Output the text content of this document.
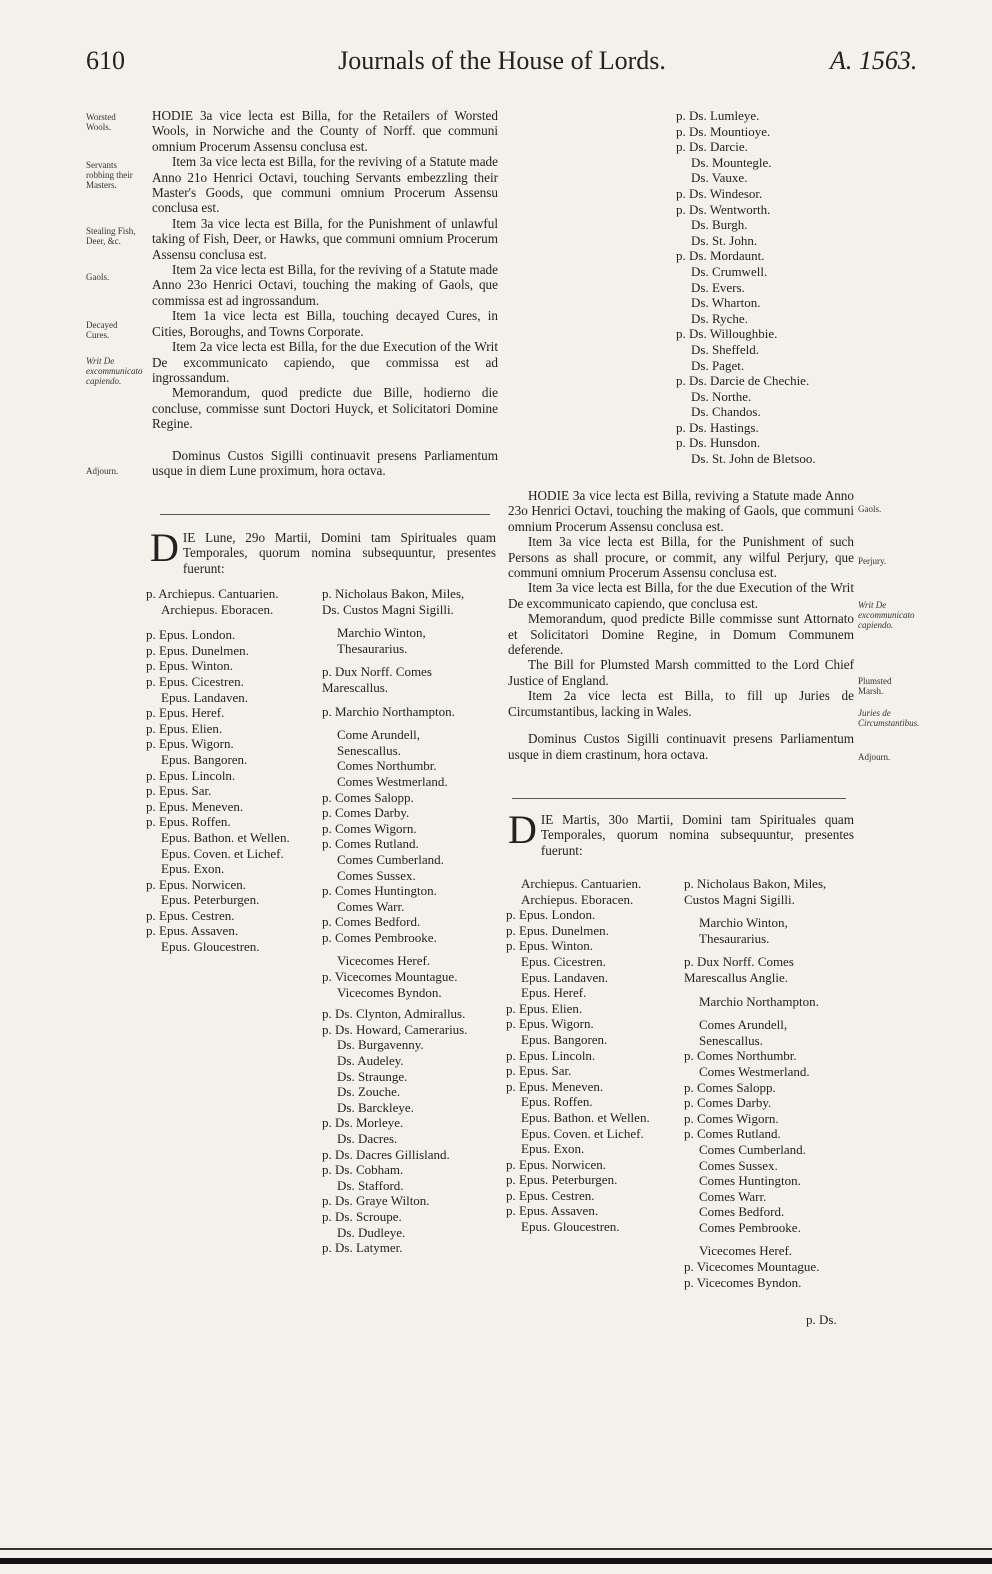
610	Journals of the House of Lords.	A. 1563.
Worsted Wools.
Servants robbing their Masters.
Stealing Fish, Deer, &c.
Gaols.
Decayed Cures.
Writ De excommunicato capiendo.
Adjourn.

HODIE 3a vice lecta est Billa, for the Retailers of Worsted Wools, in Norwiche and the County of Norff. que communi omnium Procerum Assensu conclusa est.

Item 3a vice lecta est Billa, for the reviving of a Statute made Anno 21o Henrici Octavi, touching Servants embezzling their Master's Goods, que communi omnium Procerum Assensu conclusa est.

Item 3a vice lecta est Billa, for the Punishment of unlawful taking of Fish, Deer, or Hawks, que communi omnium Procerum Assensu conclusa est.

Item 2a vice lecta est Billa, for the reviving of a Statute made Anno 23o Henrici Octavi, touching the making of Gaols, que commissa est ad ingrossandum.

Item 1a vice lecta est Billa, touching decayed Cures, in Cities, Boroughs, and Towns Corporate.

Item 2a vice lecta est Billa, for the due Execution of the Writ De excommunicato capiendo, que commissa est ad ingrossandum.

Memorandum, quod predicte due Bille, hodierno die concluse, commisse sunt Doctori Huyck, et Solicitatori Domine Regine.

Dominus Custos Sigilli continuavit presens Parliamentum usque in diem Lune proximum, hora octava.

D IE Lune, 29o Martii, Domini tam Spirituales quam Temporales, quorum nomina subsequuntur, presentes fuerunt:

p. Archiepus. Cantuarien.
Archiepus. Eboracen.
p. Epus. London.
p. Epus. Dunelmen.
p. Epus. Winton.
p. Epus. Cicestren.
Epus. Landaven.
p. Epus. Heref.
p. Epus. Elien.
p. Epus. Wigorn.
Epus. Bangoren.
p. Epus. Lincoln.
p. Epus. Sar.
p. Epus. Meneven.
p. Epus. Roffen.
Epus. Bathon. et Wellen.
Epus. Coven. et Lichef.
Epus. Exon.
p. Epus. Norwicen.
Epus. Peterburgen.
p. Epus. Cestren.
p. Epus. Assaven.
Epus. Gloucestren.
p. Nicholaus Bakon, Miles, Ds. Custos Magni Sigilli.
Marchio Winton, Thesaurarius.
p. Dux Norff. Comes Marescallus.
p. Marchio Northampton.
Come Arundell, Senescallus.
Comes Northumbr.
Comes Westmerland.
p. Comes Salopp.
p. Comes Darby.
p. Comes Wigorn.
p. Comes Rutland.
Comes Cumberland.
Comes Sussex.
p. Comes Huntington.
Comes Warr.
p. Comes Bedford.
p. Comes Pembrooke.
Vicecomes Heref.
p. Vicecomes Mountague.
Vicecomes Byndon.
p. Ds. Clynton, Admirallus.
p. Ds. Howard, Camerarius.
Ds. Burgavenny.
Ds. Audeley.
Ds. Straunge.
Ds. Zouche.
Ds. Barckleye.
p. Ds. Morleye.
Ds. Dacres.
p. Ds. Dacres Gillisland.
p. Ds. Cobham.
Ds. Stafford.
p. Ds. Graye Wilton.
p. Ds. Scroupe.
Ds. Dudleye.
p. Ds. Latymer.
p. Ds. Lumleye.
p. Ds. Mountioye.
p. Ds. Darcie.
Ds. Mountegle.
Ds. Vauxe.
p. Ds. Windesor.
p. Ds. Wentworth.
Ds. Burgh.
Ds. St. John.
p. Ds. Mordaunt.
Ds. Crumwell.
Ds. Evers.
Ds. Wharton.
Ds. Ryche.
p. Ds. Willoughbie.
Ds. Sheffeld.
Ds. Paget.
p. Ds. Darcie de Chechie.
Ds. Northe.
Ds. Chandos.
p. Ds. Hastings.
p. Ds. Hunsdon.
Ds. St. John de Bletsoo.

HODIE 3a vice lecta est Billa, reviving a Statute made Anno 23o Henrici Octavi, touching the making of Gaols, que communi omnium Procerum Assensu conclusa est.

Item 3a vice lecta est Billa, for the Punishment of such Persons as shall procure, or commit, any wilful Perjury, que communi omnium Procerum Assensu conclusa est.

Item 3a vice lecta est Billa, for the due Execution of the Writ De excommunicato capiendo, que conclusa est.

Memorandum, quod predicte Bille commisse sunt Attornato et Solicitatori Domine Regine, in Domum Communem deferende.

The Bill for Plumsted Marsh committed to the Lord Chief Justice of England.

Item 2a vice lecta est Billa, to fill up Juries de Circumstantibus, lacking in Wales.

Dominus Custos Sigilli continuavit presens Parliamentum usque in diem crastinum, hora octava.

Gaols.
Perjury.
Writ De excommunicato capiendo.
Plumsted Marsh.
Juries de Circumstantibus.
Adjourn.
D IE Martis, 30o Martii, Domini tam Spirituales quam Temporales, quorum nomina subsequuntur, presentes fuerunt:

Archiepus. Cantuarien.
Archiepus. Eboracen.
p. Epus. London.
p. Epus. Dunelmen.
p. Epus. Winton.
Epus. Cicestren.
Epus. Landaven.
Epus. Heref.
p. Epus. Elien.
p. Epus. Wigorn.
Epus. Bangoren.
p. Epus. Lincoln.
p. Epus. Sar.
p. Epus. Meneven.
Epus. Roffen.
Epus. Bathon. et Wellen.
Epus. Coven. et Lichef.
Epus. Exon.
p. Epus. Norwicen.
p. Epus. Peterburgen.
p. Epus. Cestren.
p. Epus. Assaven.
Epus. Gloucestren.
p. Nicholaus Bakon, Miles, Custos Magni Sigilli.
Marchio Winton, Thesaurarius.
p. Dux Norff. Comes Marescallus Anglie.
Marchio Northampton.
Comes Arundell, Senescallus.
p. Comes Northumbr.
Comes Westmerland.
p. Comes Salopp.
p. Comes Darby.
p. Comes Wigorn.
p. Comes Rutland.
Comes Cumberland.
Comes Sussex.
Comes Huntington.
Comes Warr.
Comes Bedford.
Comes Pembrooke.
Vicecomes Heref.
p. Vicecomes Mountague.
p. Vicecomes Byndon.
p. Ds.
